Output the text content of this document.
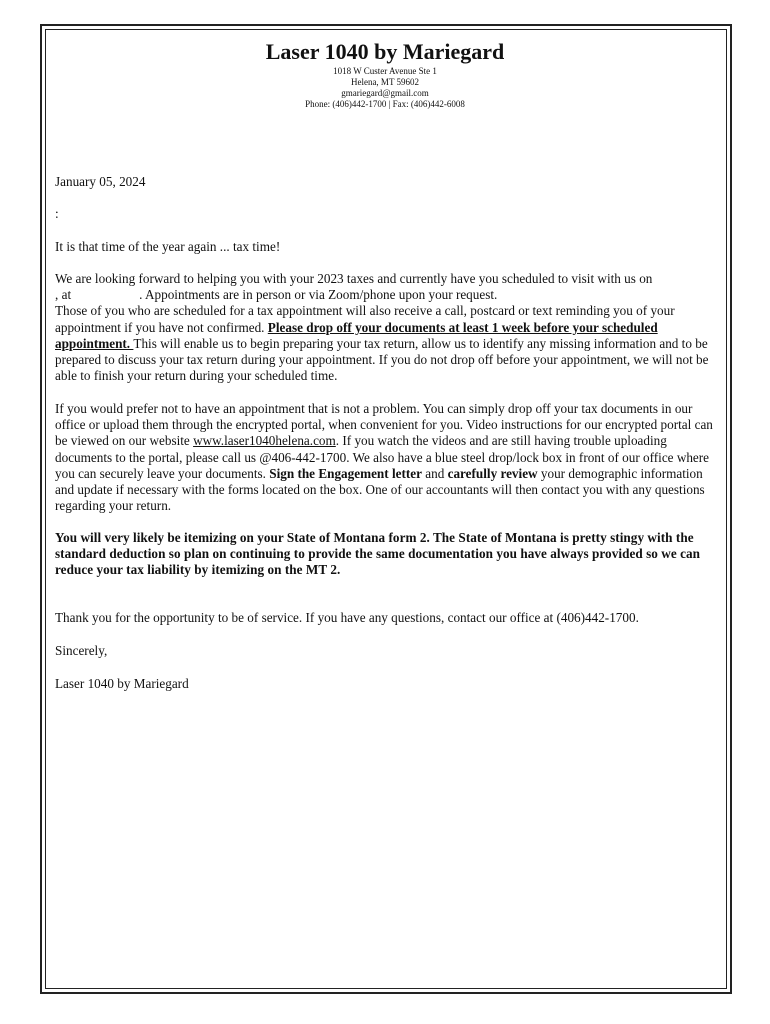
Laser 1040 by Mariegard
1018 W Custer Avenue Ste 1
Helena, MT 59602
gmariegard@gmail.com
Phone: (406)442-1700 | Fax: (406)442-6008
January 05, 2024
:
It is that time of the year again ... tax time!

We are looking forward to helping you with your 2023 taxes and currently have you scheduled to visit with us on

, at	. Appointments are in person or via Zoom/phone upon your request.

Those of you who are scheduled for a tax appointment will also receive a call, postcard or text reminding you of your appointment if you have not confirmed. Please drop off your documents at least 1 week before your scheduled appointment. This will enable us to begin preparing your tax return, allow us to identify any missing information and to be prepared to discuss your tax return during your appointment. If you do not drop off before your appointment, we will not be able to finish your return during your scheduled time.

If you would prefer not to have an appointment that is not a problem. You can simply drop off your tax documents in our office or upload them through the encrypted portal, when convenient for you. Video instructions for our encrypted portal can be viewed on our website www.laser1040helena.com. If you watch the videos and are still having trouble uploading documents to the portal, please call us @406-442-1700. We also have a blue steel drop/lock box in front of our office where you can securely leave your documents. Sign the Engagement letter and carefully review your demographic information and update if necessary with the forms located on the box. One of our accountants will then contact you with any questions regarding your return.

You will very likely be itemizing on your State of Montana form 2. The State of Montana is pretty stingy with the standard deduction so plan on continuing to provide the same documentation you have always provided so we can reduce your tax liability by itemizing on the MT 2.
Thank you for the opportunity to be of service. If you have any questions, contact our office at (406)442-1700.
Sincerely,
Laser 1040 by Mariegard
